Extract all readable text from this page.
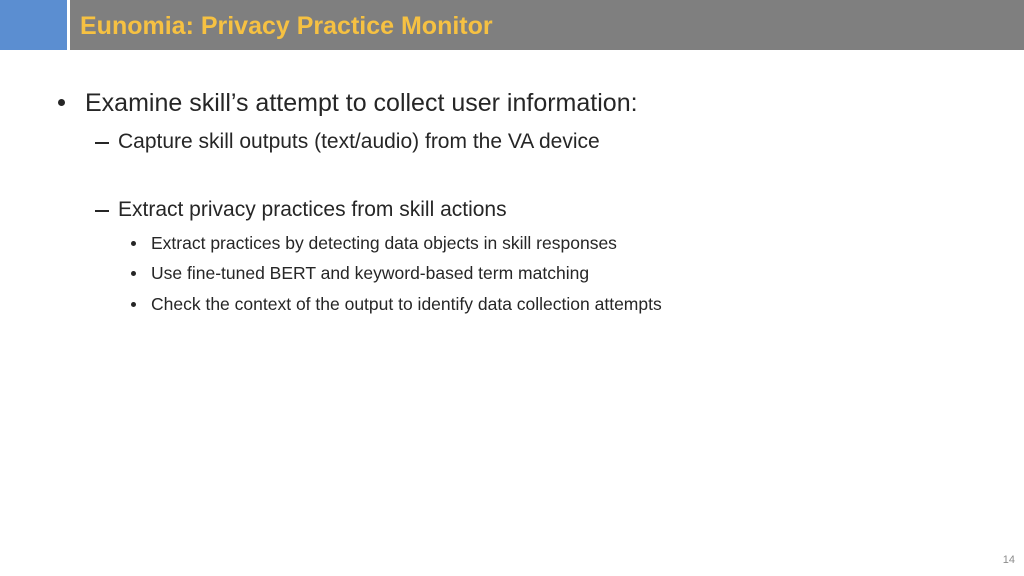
Eunomia: Privacy Practice Monitor
Examine skill’s attempt to collect user information:
Capture skill outputs (text/audio) from the VA device
Extract privacy practices from skill actions
Extract practices by detecting data objects in skill responses
Use fine-tuned BERT and keyword-based term matching
Check the context of the output to identify data collection attempts
14
